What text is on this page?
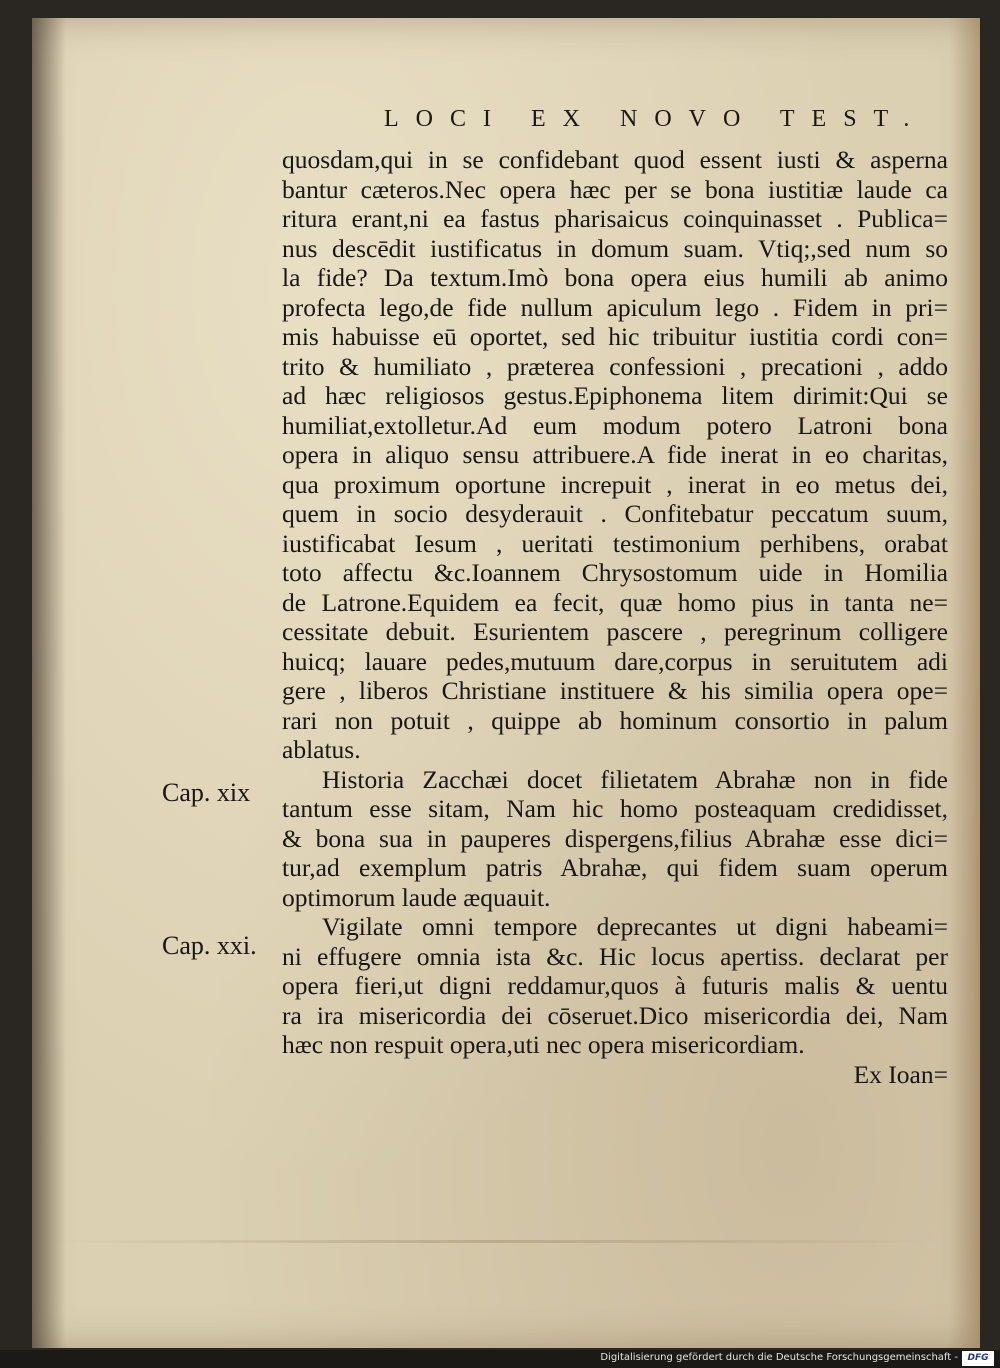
LOCI EX NOVO TEST.
Cap. xix
Cap. xxi.
quosdam,qui in se confidebant quod essent iusti & asperna
bantur cæteros.Nec opera hæc per se bona iustitiæ laude ca
ritura erant,ni ea fastus pharisaicus coinquinasset . Publica=
nus descēdit iustificatus in domum suam. Vtiq;,sed num so
la fide? Da textum.Imò bona opera eius humili ab animo
profecta lego,de fide nullum apiculum lego . Fidem in pri=
mis habuisse eū oportet, sed hic tribuitur iustitia cordi con=
trito & humiliato , præterea confessioni , precationi , addo
ad hæc religiosos gestus.Epiphonema litem dirimit:Qui se
humiliat,extolletur.Ad eum modum potero Latroni bona
opera in aliquo sensu attribuere.A fide inerat in eo charitas,
qua proximum oportune increpuit , inerat in eo metus dei,
quem in socio desyderauit . Confitebatur peccatum suum,
iustificabat Iesum , ueritati testimonium perhibens, orabat
toto affectu &c.Ioannem Chrysostomum uide in Homilia
de Latrone.Equidem ea fecit, quæ homo pius in tanta ne=
cessitate debuit. Esurientem pascere , peregrinum colligere
huicq; lauare pedes,mutuum dare,corpus in seruitutem adi
gere , liberos Christiane instituere & his similia opera ope=
rari non potuit , quippe ab hominum consortio in palum
ablatus.
Historia Zacchæi docet filietatem Abrahæ non in fide
tantum esse sitam, Nam hic homo posteaquam credidisset,
& bona sua in pauperes dispergens,filius Abrahæ esse dici=
tur,ad exemplum patris Abrahæ, qui fidem suam operum
optimorum laude æquauit.
Vigilate omni tempore deprecantes ut digni habeami=
ni effugere omnia ista &c. Hic locus apertiss. declarat per
opera fieri,ut digni reddamur,quos à futuris malis & uentu
ra ira misericordia dei cōseruet.Dico misericordia dei, Nam
hæc non respuit opera,uti nec opera misericordiam.
Ex Ioan=
Digitalisierung gefördert durch die Deutsche Forschungsgemeinschaft -	DFG
